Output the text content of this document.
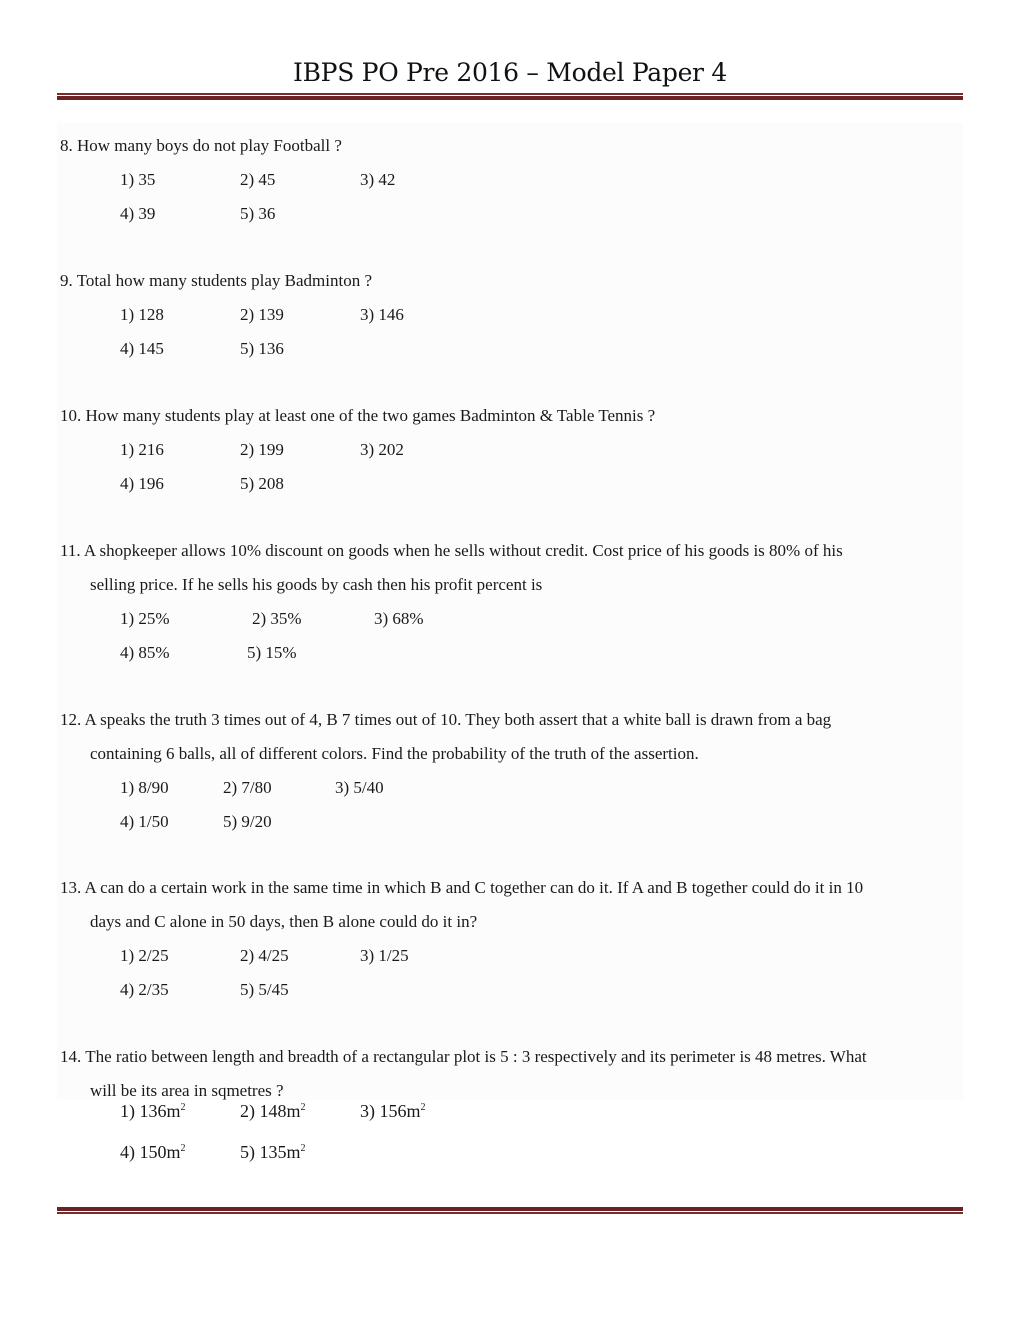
IBPS PO Pre 2016 – Model Paper 4
8. How many boys do not play Football ?
1) 35	2) 45	3) 42
4) 39	5) 36
9. Total how many students play Badminton ?
1) 128	2) 139	3) 146
4) 145	5) 136
10. How many students play at least one of the two games Badminton & Table Tennis ?
1) 216	2) 199	3) 202
4) 196	5) 208
11. A shopkeeper allows 10% discount on goods when he sells without credit. Cost price of his goods is 80% of his
selling price. If he sells his goods by cash then his profit percent is
1) 25%	2) 35%	3) 68%
4) 85%	5) 15%
12. A speaks the truth 3 times out of 4, B 7 times out of 10. They both assert that a white ball is drawn from a bag
containing 6 balls, all of different colors. Find the probability of the truth of the assertion.
1) 8/90	2) 7/80	3) 5/40
4) 1/50	5) 9/20
13. A can do a certain work in the same time in which B and C together can do it. If A and B together could do it in 10
days and C alone in 50 days, then B alone could do it in?
1) 2/25	2) 4/25	3) 1/25
4) 2/35	5) 5/45
14. The ratio between length and breadth of a rectangular plot is 5 : 3 respectively and its perimeter is 48 metres. What
will be its area in sqmetres ?
1) $136m^2$	2) $148m^2$	3) $156m^2$
4) $150m^2$	5) $135m^2$
